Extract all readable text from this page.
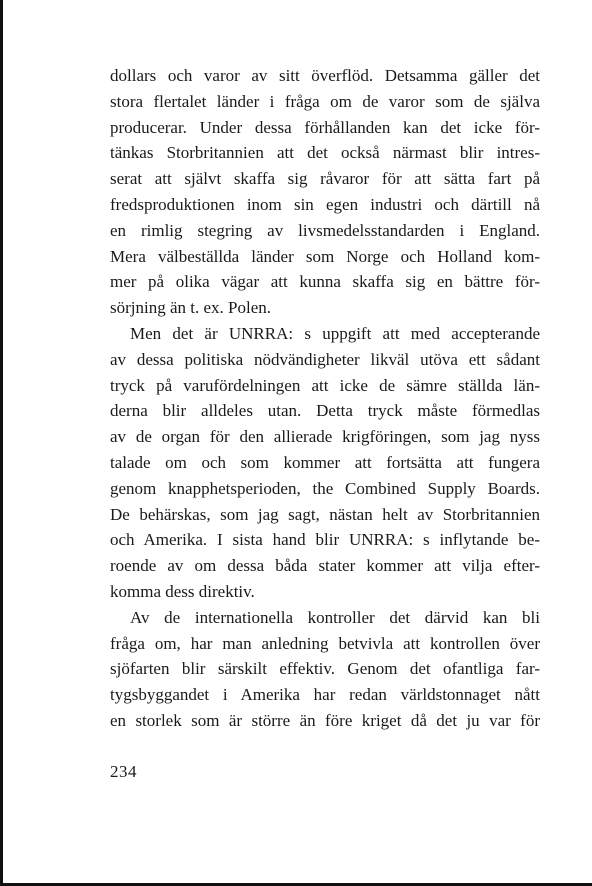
dollars och varor av sitt överflöd. Detsamma gäller det
stora flertalet länder i fråga om de varor som de själva
producerar. Under dessa förhållanden kan det icke för-
tänkas Storbritannien att det också närmast blir intres-
serat att självt skaffa sig råvaror för att sätta fart på
fredsproduktionen inom sin egen industri och därtill nå
en rimlig stegring av livsmedelsstandarden i England.
Mera välbeställda länder som Norge och Holland kom-
mer på olika vägar att kunna skaffa sig en bättre för-
sörjning än t. ex. Polen.
Men det är UNRRA: s uppgift att med accepterande
av dessa politiska nödvändigheter likväl utöva ett sådant
tryck på varufördelningen att icke de sämre ställda län-
derna blir alldeles utan. Detta tryck måste förmedlas
av de organ för den allierade krigföringen, som jag nyss
talade om och som kommer att fortsätta att fungera
genom knapphetsperioden, the Combined Supply Boards.
De behärskas, som jag sagt, nästan helt av Storbritannien
och Amerika. I sista hand blir UNRRA: s inflytande be-
roende av om dessa båda stater kommer att vilja efter-
komma dess direktiv.
Av de internationella kontroller det därvid kan bli
fråga om, har man anledning betvivla att kontrollen över
sjöfarten blir särskilt effektiv. Genom det ofantliga far-
tygsbyggandet i Amerika har redan världstonnaget nått
en storlek som är större än före kriget då det ju var för
234
